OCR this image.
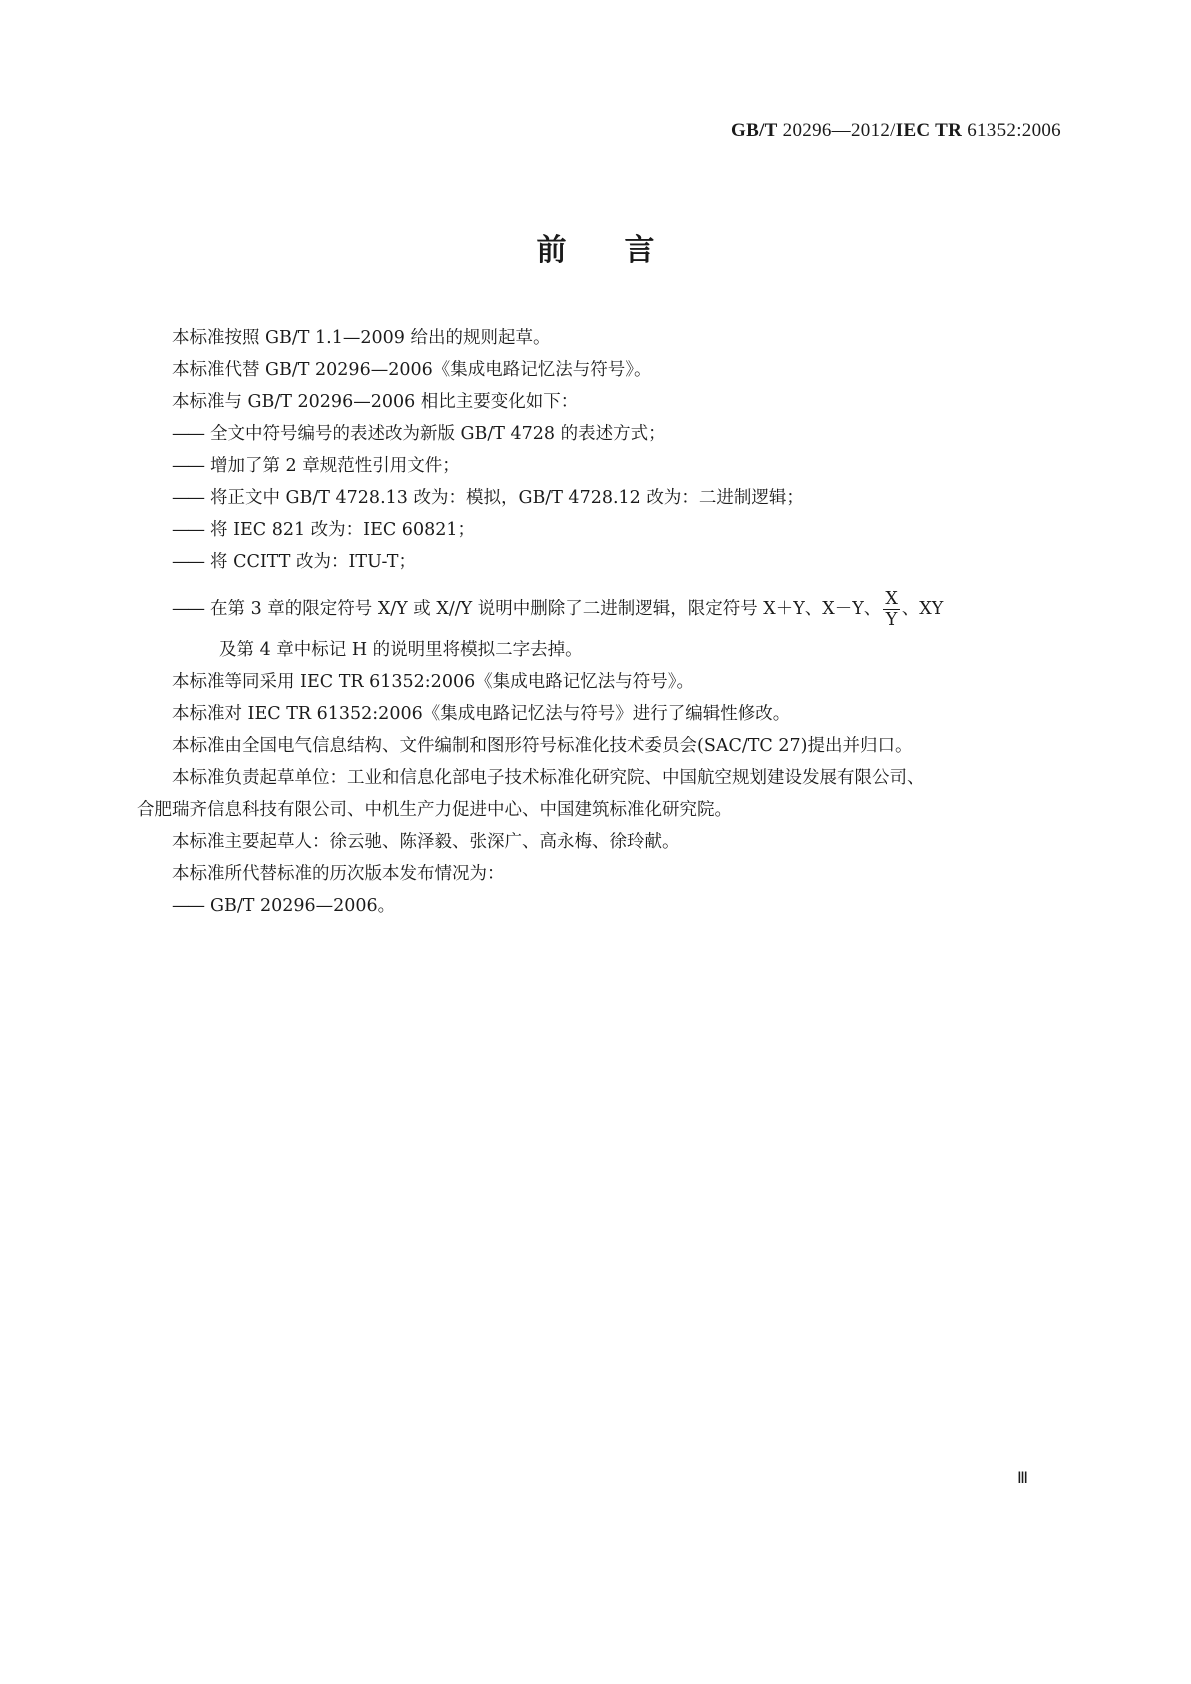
GB/T 20296—2012/IEC TR 61352:2006
前 言
本标准按照 GB/T 1.1—2009 给出的规则起草。
本标准代替 GB/T 20296—2006《集成电路记忆法与符号》。
本标准与 GB/T 20296—2006 相比主要变化如下：
—— 全文中符号编号的表述改为新版 GB/T 4728 的表述方式；
—— 增加了第 2 章规范性引用文件；
—— 将正文中 GB/T 4728.13 改为：模拟，GB/T 4728.12 改为：二进制逻辑；
—— 将 IEC 821 改为：IEC 60821；
—— 将 CCITT 改为：ITU-T；
—— 在第 3 章的限定符号 X/Y 或 X//Y 说明中删除了二进制逻辑，限定符号 X＋Y、X－Y、 $\frac{X}{Y}$ 、XY
及第 4 章中标记 H 的说明里将模拟二字去掉。
本标准等同采用 IEC TR 61352:2006《集成电路记忆法与符号》。
本标准对 IEC TR 61352:2006《集成电路记忆法与符号》进行了编辑性修改。
本标准由全国电气信息结构、文件编制和图形符号标准化技术委员会(SAC/TC 27)提出并归口。
本标准负责起草单位：工业和信息化部电子技术标准化研究院、中国航空规划建设发展有限公司、
合肥瑞齐信息科技有限公司、中机生产力促进中心、中国建筑标准化研究院。
本标准主要起草人：徐云驰、陈泽毅、张深广、高永梅、徐玲献。
本标准所代替标准的历次版本发布情况为：
—— GB/T 20296—2006。
Ⅲ
